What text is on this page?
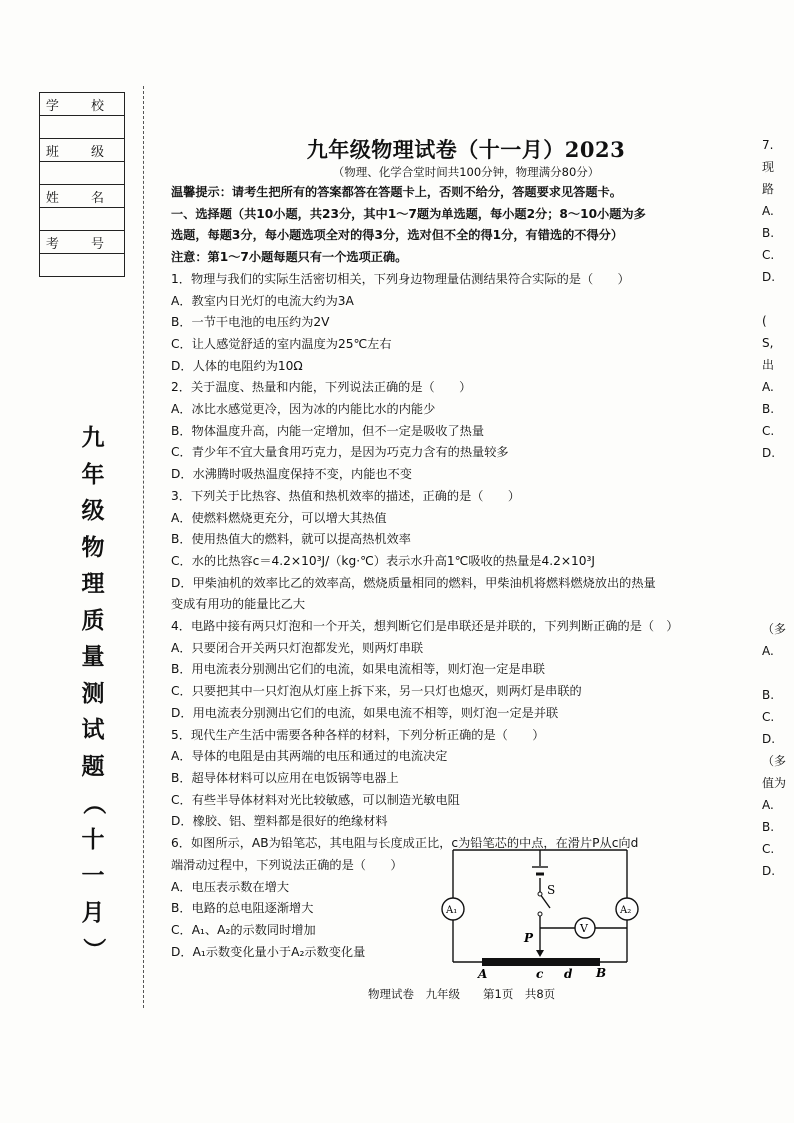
学 校

班 级

姓 名

考 号

九
年
级
物
理
质
量
测
试
题
（
十
一
月
）
九年级物理试卷（十一月）2023
（物理、化学合堂时间共100分钟，物理满分80分）
温馨提示：请考生把所有的答案都答在答题卡上，否则不给分，答题要求见答题卡。
一、选择题（共10小题，共23分，其中1～7题为单选题，每小题2分；8～10小题为多
选题，每题3分，每小题选项全对的得3分，选对但不全的得1分，有错选的不得分）
注意：第1～7小题每题只有一个选项正确。
1．物理与我们的实际生活密切相关，下列身边物理量估测结果符合实际的是（　　）
A．教室内日光灯的电流大约为3A
B．一节干电池的电压约为2V
C．让人感觉舒适的室内温度为25℃左右
D．人体的电阻约为10Ω
2．关于温度、热量和内能，下列说法正确的是（　　）
A．冰比水感觉更冷，因为冰的内能比水的内能少
B．物体温度升高，内能一定增加，但不一定是吸收了热量
C．青少年不宜大量食用巧克力，是因为巧克力含有的热量较多
D．水沸腾时吸热温度保持不变，内能也不变
3．下列关于比热容、热值和热机效率的描述，正确的是（　　）
A．使燃料燃烧更充分，可以增大其热值
B．使用热值大的燃料，就可以提高热机效率
C．水的比热容c＝4.2×10³J/（kg·℃）表示水升高1℃吸收的热量是4.2×10³J
D．甲柴油机的效率比乙的效率高，燃烧质量相同的燃料，甲柴油机将燃料燃烧放出的热量
变成有用功的能量比乙大
4．电路中接有两只灯泡和一个开关，想判断它们是串联还是并联的，下列判断正确的是（　）
A．只要闭合开关两只灯泡都发光，则两灯串联
B．用电流表分别测出它们的电流，如果电流相等，则灯泡一定是串联
C．只要把其中一只灯泡从灯座上拆下来，另一只灯也熄灭，则两灯是串联的
D．用电流表分别测出它们的电流，如果电流不相等，则灯泡一定是并联
5．现代生产生活中需要各种各样的材料，下列分析正确的是（　　）
A．导体的电阻是由其两端的电压和通过的电流决定
B．超导体材料可以应用在电饭锅等电器上
C．有些半导体材料对光比较敏感，可以制造光敏电阻
D．橡胶、铝、塑料都是很好的绝缘材料
6．如图所示，AB为铅笔芯，其电阻与长度成正比，c为铅笔芯的中点，在滑片P从c向d
端滑动过程中，下列说法正确的是（　　）
A．电压表示数在增大
B．电路的总电阻逐渐增大
C．A₁、A₂的示数同时增加
D．A₁示数变化量小于A₂示数变化量
A₁	A₂
V
S
P
A	c d B
物理试卷　九年级　　第1页　共8页
7.
现
路
A.
B.
C.
D.
(
S,
出
A.
B.
C.
D.
（多
A.
B.
C.
D.
（多
值为
A.
B.
C.
D.
